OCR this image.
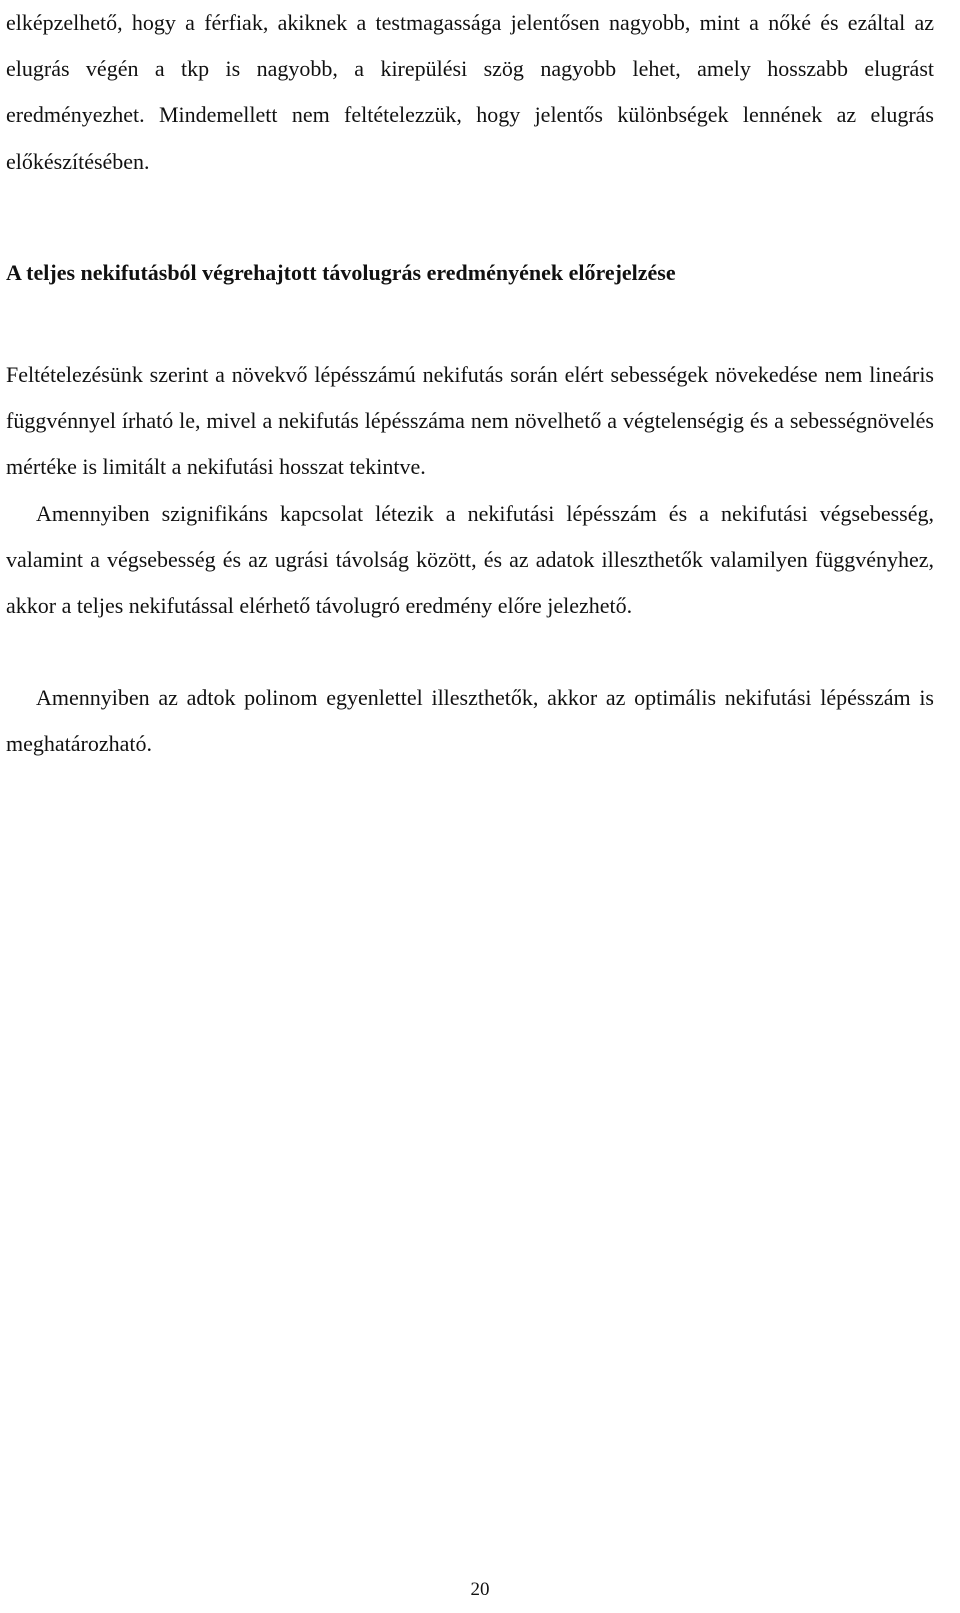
elképzelhető, hogy a férfiak, akiknek a testmagassága jelentősen nagyobb, mint a nőké és ezáltal az elugrás végén a tkp is nagyobb, a kirepülési szög nagyobb lehet, amely hosszabb elugrást eredményezhet. Mindemellett nem feltételezzük, hogy jelentős különbségek lennének az elugrás előkészítésében.

A teljes nekifutásból végrehajtott távolugrás eredményének előrejelzése

Feltételezésünk szerint a növekvő lépésszámú nekifutás során elért sebességek növekedése nem lineáris függvénnyel írható le, mivel a nekifutás lépésszáma nem növelhető a végtelenségig és a sebességnövelés mértéke is limitált a nekifutási hosszat tekintve.

Amennyiben szignifikáns kapcsolat létezik a nekifutási lépésszám és a nekifutási végsebesség, valamint a végsebesség és az ugrási távolság között, és az adatok illeszthetők valamilyen függvényhez, akkor a teljes nekifutással elérhető távolugró eredmény előre jelezhető.

Amennyiben az adtok polinom egyenlettel illeszthetők, akkor az optimális nekifutási lépésszám is meghatározható.

20
